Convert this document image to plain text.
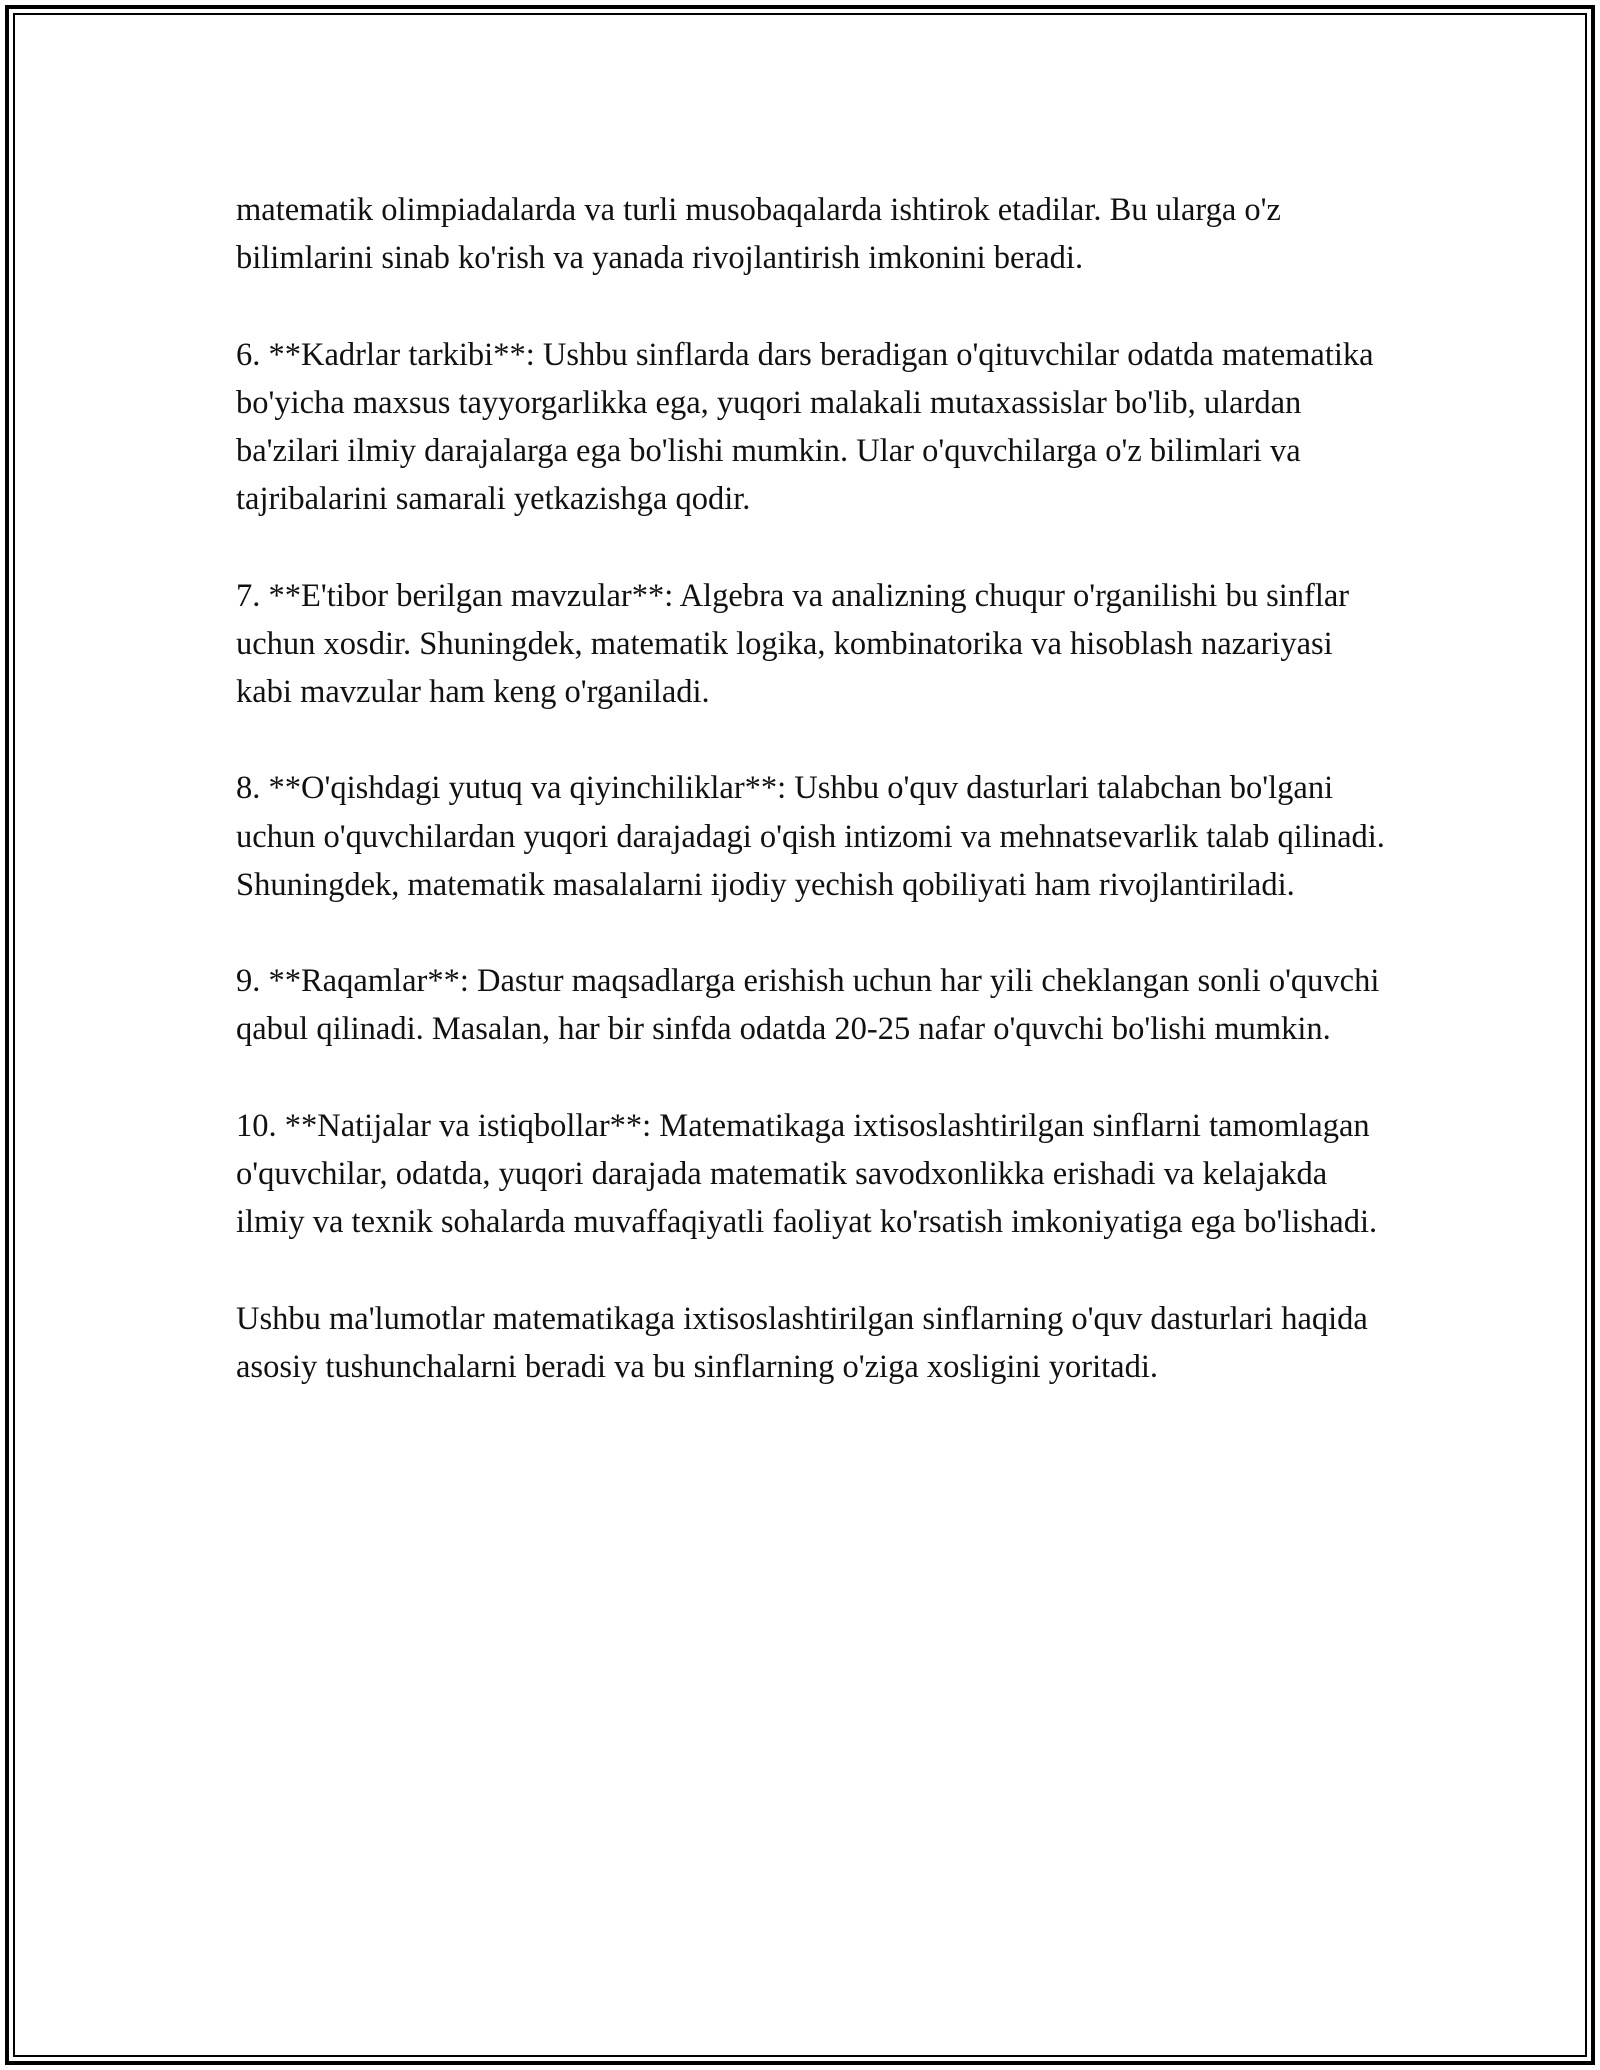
matematik olimpiadalarda va turli musobaqalarda ishtirok etadilar. Bu ularga o'z bilimlarini sinab ko'rish va yanada rivojlantirish imkonini beradi.

6. **Kadrlar tarkibi**: Ushbu sinflarda dars beradigan o'qituvchilar odatda matematika bo'yicha maxsus tayyorgarlikka ega, yuqori malakali mutaxassislar bo'lib, ulardan ba'zilari ilmiy darajalarga ega bo'lishi mumkin. Ular o'quvchilarga o'z bilimlari va tajribalarini samarali yetkazishga qodir.

7. **E'tibor berilgan mavzular**: Algebra va analizning chuqur o'rganilishi bu sinflar uchun xosdir. Shuningdek, matematik logika, kombinatorika va hisoblash nazariyasi kabi mavzular ham keng o'rganiladi.

8. **O'qishdagi yutuq va qiyinchiliklar**: Ushbu o'quv dasturlari talabchan bo'lgani uchun o'quvchilardan yuqori darajadagi o'qish intizomi va mehnatsevarlik talab qilinadi. Shuningdek, matematik masalalarni ijodiy yechish qobiliyati ham rivojlantiriladi.

9. **Raqamlar**: Dastur maqsadlarga erishish uchun har yili cheklangan sonli o'quvchi qabul qilinadi. Masalan, har bir sinfda odatda 20-25 nafar o'quvchi bo'lishi mumkin.

10. **Natijalar va istiqbollar**: Matematikaga ixtisoslashtirilgan sinflarni tamomlagan o'quvchilar, odatda, yuqori darajada matematik savodxonlikka erishadi va kelajakda ilmiy va texnik sohalarda muvaffaqiyatli faoliyat ko'rsatish imkoniyatiga ega bo'lishadi.

Ushbu ma'lumotlar matematikaga ixtisoslashtirilgan sinflarning o'quv dasturlari haqida asosiy tushunchalarni beradi va bu sinflarning o'ziga xosligini yoritadi.
